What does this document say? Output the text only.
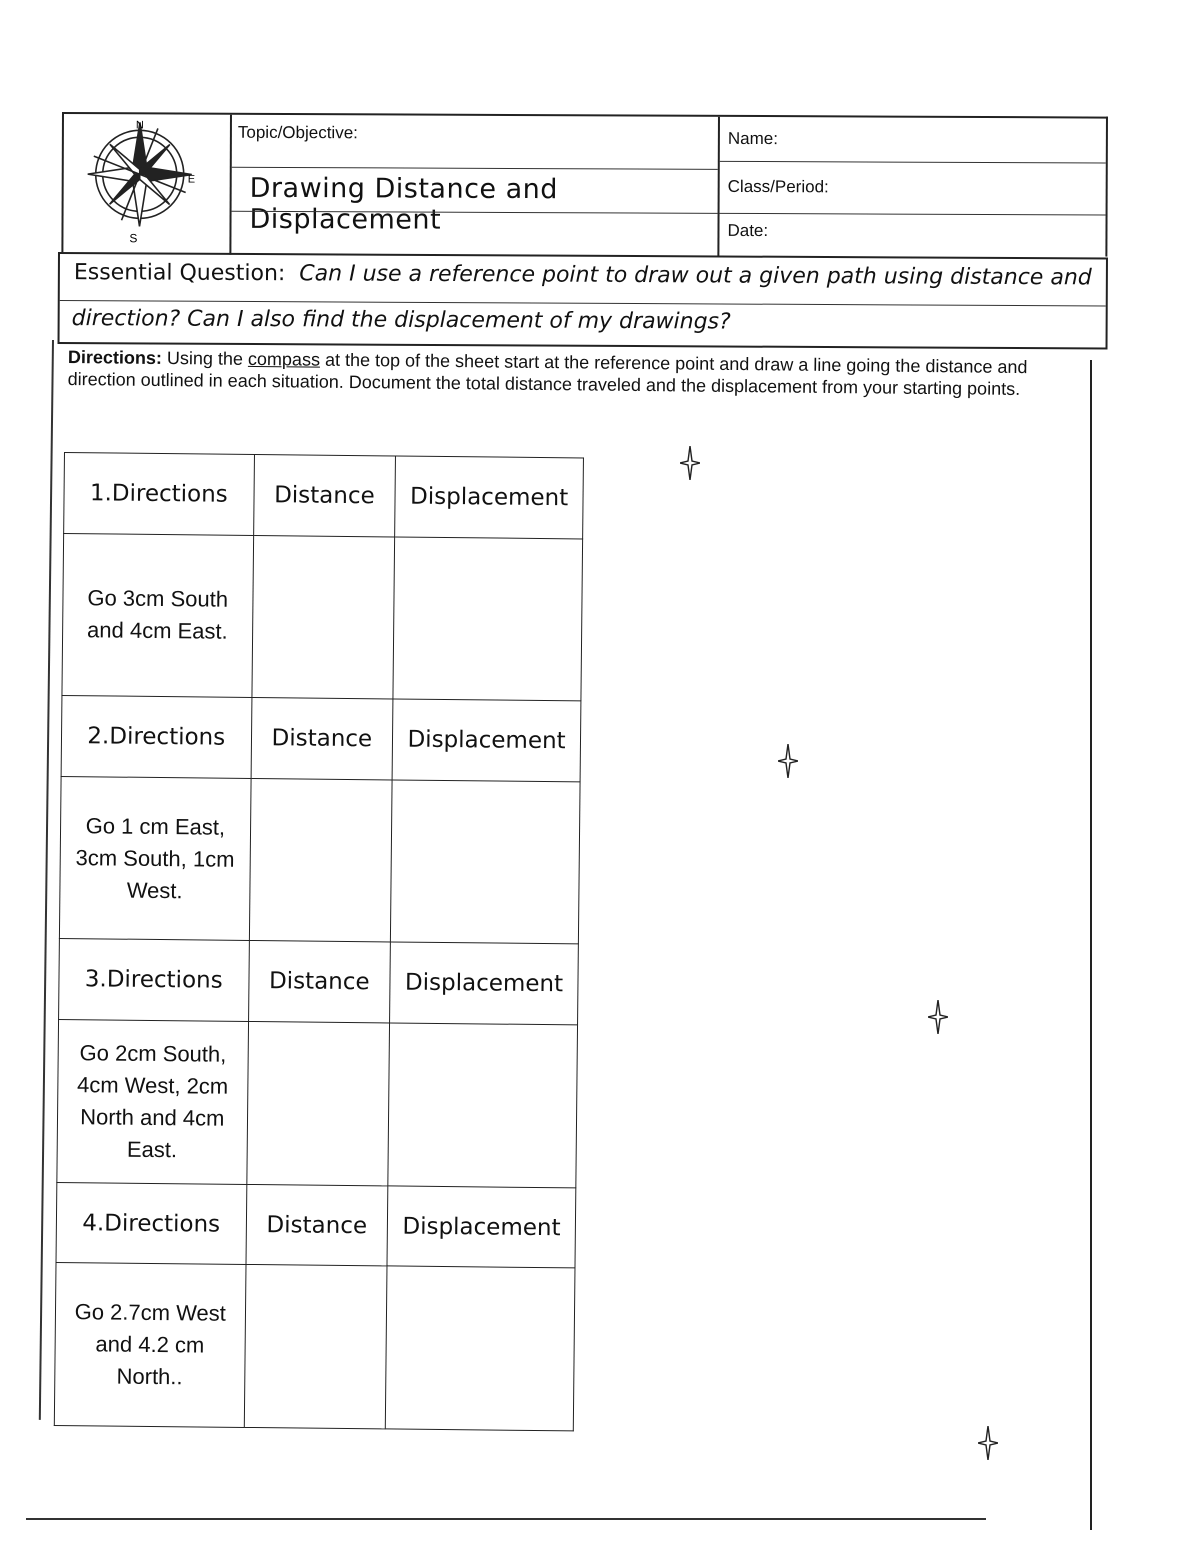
N
S
E
Topic/Objective:
Drawing Distance and Displacement
Name:
Class/Period:
Date:
Essential Question: Can I use a reference point to draw out a given path using distance and
direction? Can I also find the displacement of my drawings?
Directions: Using the compass at the top of the sheet start at the reference point and draw a line going the distance and direction outlined in each situation. Document the total distance traveled and the displacement from your starting points.
1.Directions	Distance	Displacement
Go 3cm South and 4cm East.		
2.Directions	Distance	Displacement
Go 1 cm East, 3cm South, 1cm West.		
3.Directions	Distance	Displacement
Go 2cm South, 4cm West, 2cm North and 4cm East.		
4.Directions	Distance	Displacement
Go 2.7cm West and 4.2 cm North..		
